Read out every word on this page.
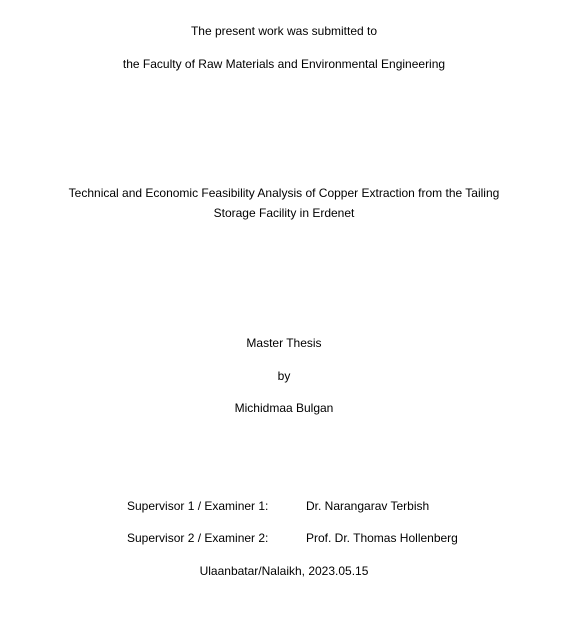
The present work was submitted to
the Faculty of Raw Materials and Environmental Engineering
Technical and Economic Feasibility Analysis of Copper Extraction from the Tailing
Storage Facility in Erdenet
Master Thesis
by
Michidmaa Bulgan
Supervisor 1 / Examiner 1:	Dr. Narangarav Terbish
Supervisor 2 / Examiner 2:	Prof. Dr. Thomas Hollenberg
Ulaanbatar/Nalaikh, 2023.05.15
